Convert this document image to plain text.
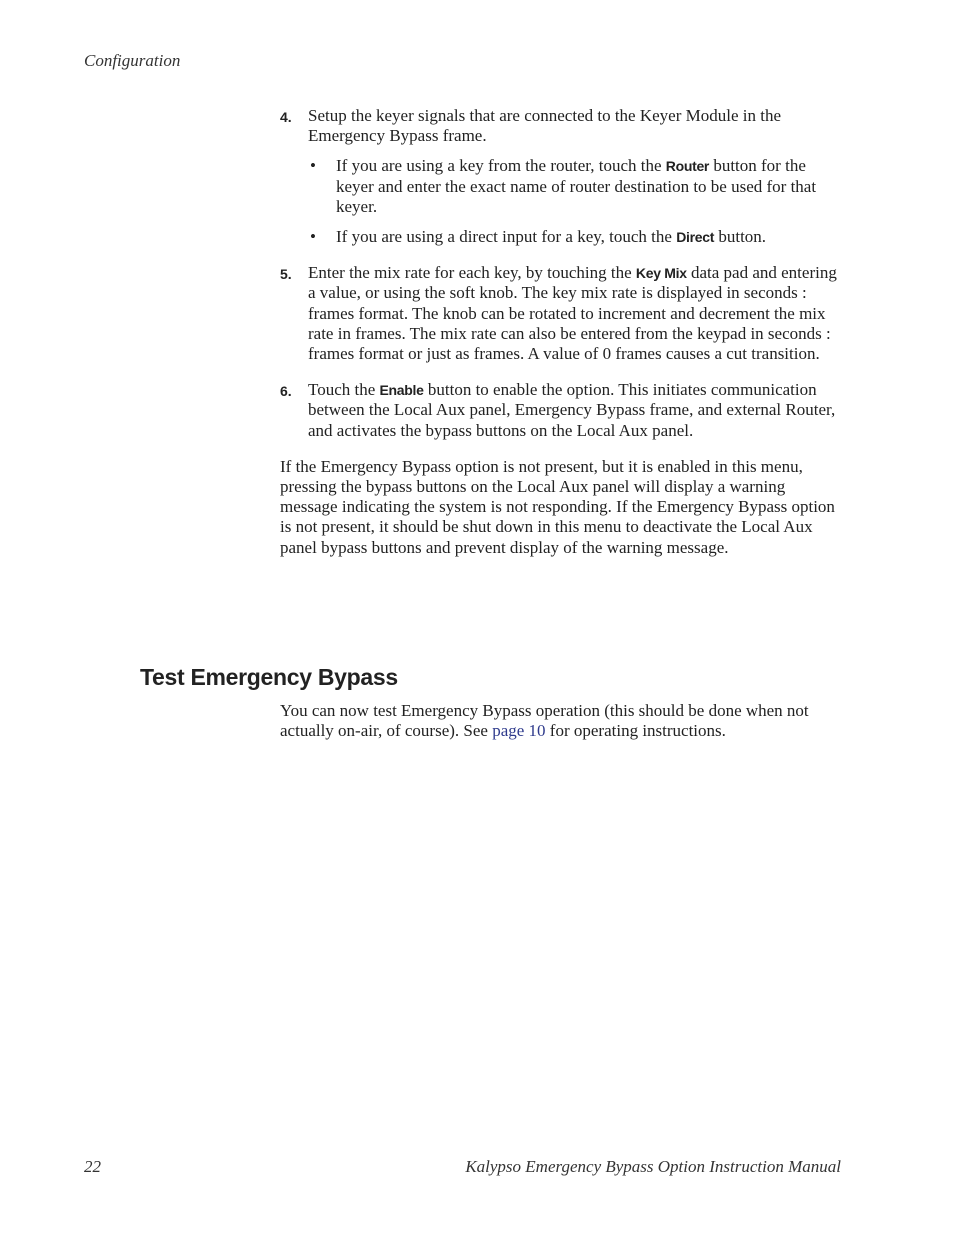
Configuration
4. Setup the keyer signals that are connected to the Keyer Module in the Emergency Bypass frame.
• If you are using a key from the router, touch the Router button for the keyer and enter the exact name of router destination to be used for that keyer.
• If you are using a direct input for a key, touch the Direct button.
5. Enter the mix rate for each key, by touching the Key Mix data pad and entering a value, or using the soft knob. The key mix rate is displayed in seconds : frames format. The knob can be rotated to increment and decrement the mix rate in frames. The mix rate can also be entered from the keypad in seconds : frames format or just as frames. A value of 0 frames causes a cut transition.
6. Touch the Enable button to enable the option. This initiates communication between the Local Aux panel, Emergency Bypass frame, and external Router, and activates the bypass buttons on the Local Aux panel.
If the Emergency Bypass option is not present, but it is enabled in this menu, pressing the bypass buttons on the Local Aux panel will display a warning message indicating the system is not responding. If the Emergency Bypass option is not present, it should be shut down in this menu to deactivate the Local Aux panel bypass buttons and prevent display of the warning message.
Test Emergency Bypass
You can now test Emergency Bypass operation (this should be done when not actually on-air, of course). See page 10 for operating instructions.
22	Kalypso Emergency Bypass Option Instruction Manual
